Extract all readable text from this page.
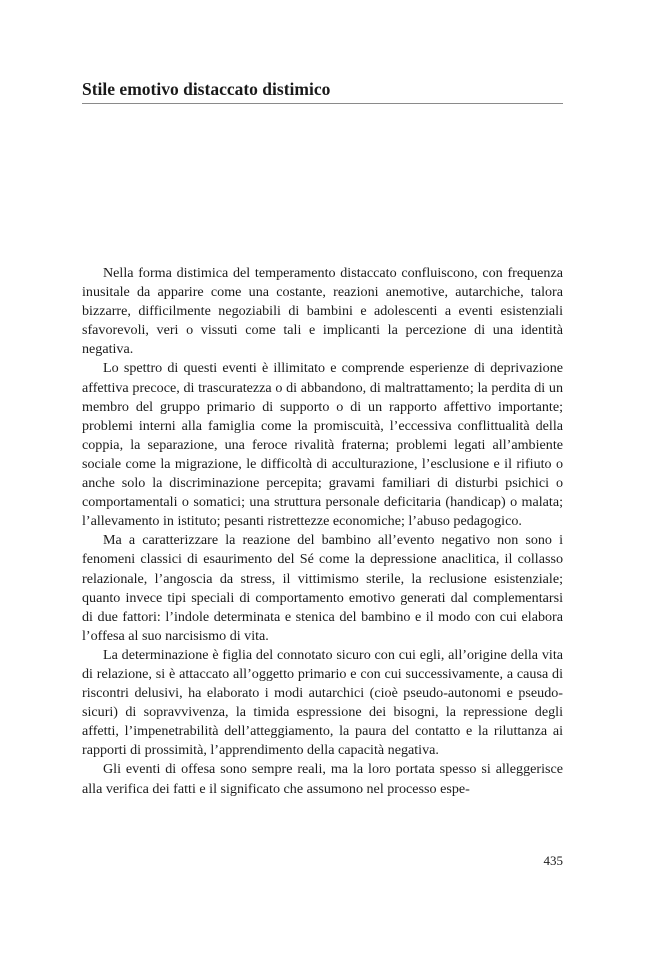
Stile emotivo distaccato distimico

Nella forma distimica del temperamento distaccato confluiscono, con frequenza inusitale da apparire come una costante, reazioni anemotive, autarchiche, talora bizzarre, difficilmente negoziabili di bambini e adolescenti a eventi esistenziali sfavorevoli, veri o vissuti come tali e implicanti la percezione di una identità negativa.

Lo spettro di questi eventi è illimitato e comprende esperienze di deprivazione affettiva precoce, di trascuratezza o di abbandono, di maltrattamento; la perdita di un membro del gruppo primario di supporto o di un rapporto affettivo importante; problemi interni alla famiglia come la promiscuità, l’eccessiva conflittualità della coppia, la separazione, una feroce rivalità fraterna; problemi legati all’ambiente sociale come la migrazione, le difficoltà di acculturazione, l’esclusione e il rifiuto o anche solo la discriminazione percepita; gravami familiari di disturbi psichici o comportamentali o somatici; una struttura personale deficitaria (handicap) o malata; l’allevamento in istituto; pesanti ristrettezze economiche; l’abuso pedagogico.

Ma a caratterizzare la reazione del bambino all’evento negativo non sono i fenomeni classici di esaurimento del Sé come la depressione anaclitica, il collasso relazionale, l’angoscia da stress, il vittimismo sterile, la reclusione esistenziale; quanto invece tipi speciali di comportamento emotivo generati dal complementarsi di due fattori: l’indole determinata e stenica del bambino e il modo con cui elabora l’offesa al suo narcisismo di vita.

La determinazione è figlia del connotato sicuro con cui egli, all’origine della vita di relazione, si è attaccato all’oggetto primario e con cui successivamente, a causa di riscontri delusivi, ha elaborato i modi autarchici (cioè pseudo-autonomi e pseudo-sicuri) di sopravvivenza, la timida espressione dei bisogni, la repressione degli affetti, l’impenetrabilità dell’atteggiamento, la paura del contatto e la riluttanza ai rapporti di prossimità, l’apprendimento della capacità negativa.

Gli eventi di offesa sono sempre reali, ma la loro portata spesso si alleggerisce alla verifica dei fatti e il significato che assumono nel processo espe-

435
